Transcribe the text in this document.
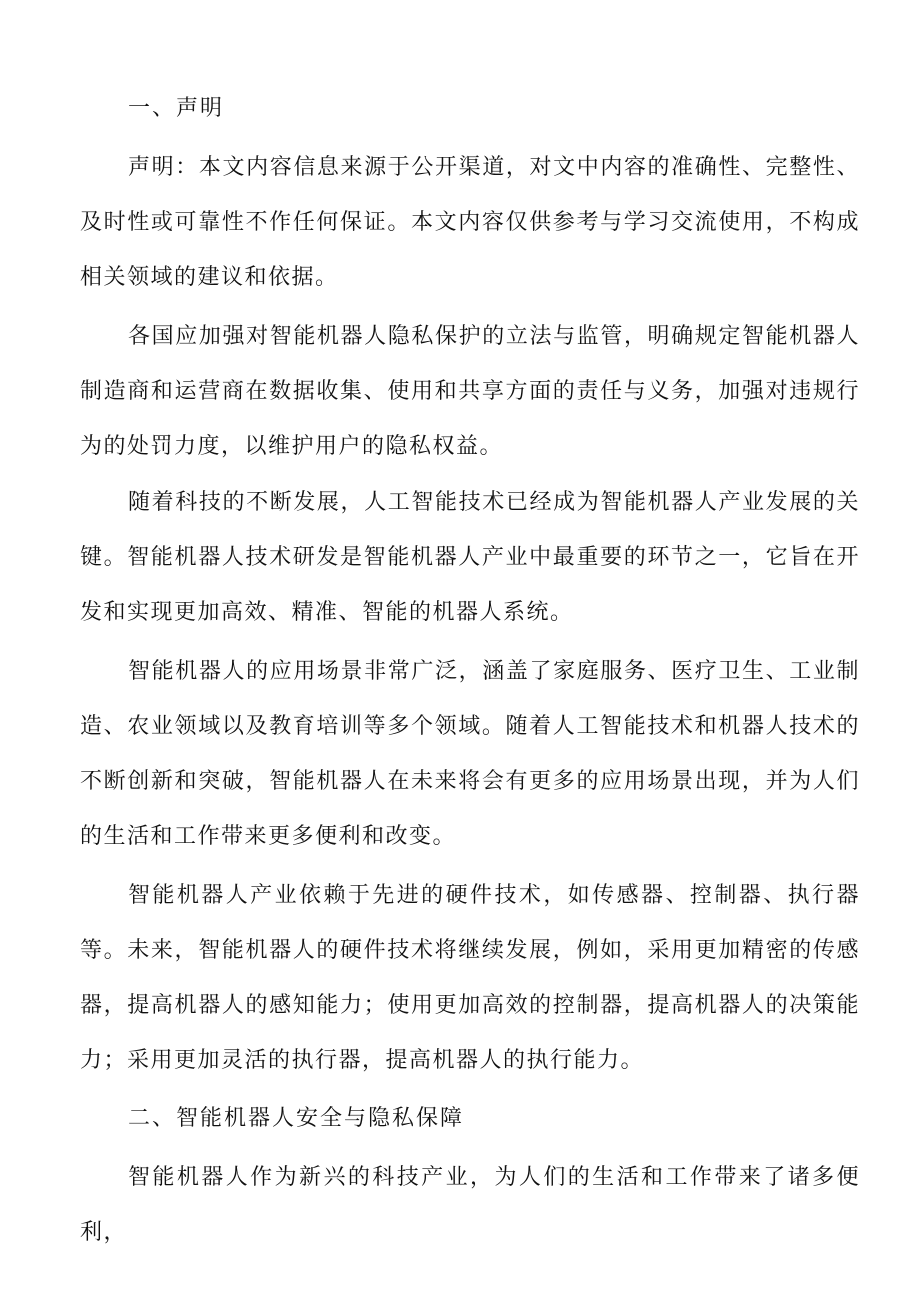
一、声明

声明：本文内容信息来源于公开渠道，对文中内容的准确性、完整性、及时性或可靠性不作任何保证。本文内容仅供参考与学习交流使用，不构成相关领域的建议和依据。

各国应加强对智能机器人隐私保护的立法与监管，明确规定智能机器人制造商和运营商在数据收集、使用和共享方面的责任与义务，加强对违规行为的处罚力度，以维护用户的隐私权益。

随着科技的不断发展，人工智能技术已经成为智能机器人产业发展的关键。智能机器人技术研发是智能机器人产业中最重要的环节之一，它旨在开发和实现更加高效、精准、智能的机器人系统。

智能机器人的应用场景非常广泛，涵盖了家庭服务、医疗卫生、工业制造、农业领域以及教育培训等多个领域。随着人工智能技术和机器人技术的不断创新和突破，智能机器人在未来将会有更多的应用场景出现，并为人们的生活和工作带来更多便利和改变。

智能机器人产业依赖于先进的硬件技术，如传感器、控制器、执行器等。未来，智能机器人的硬件技术将继续发展，例如，采用更加精密的传感器，提高机器人的感知能力；使用更加高效的控制器，提高机器人的决策能力；采用更加灵活的执行器，提高机器人的执行能力。

二、智能机器人安全与隐私保障

智能机器人作为新兴的科技产业，为人们的生活和工作带来了诸多便利，
